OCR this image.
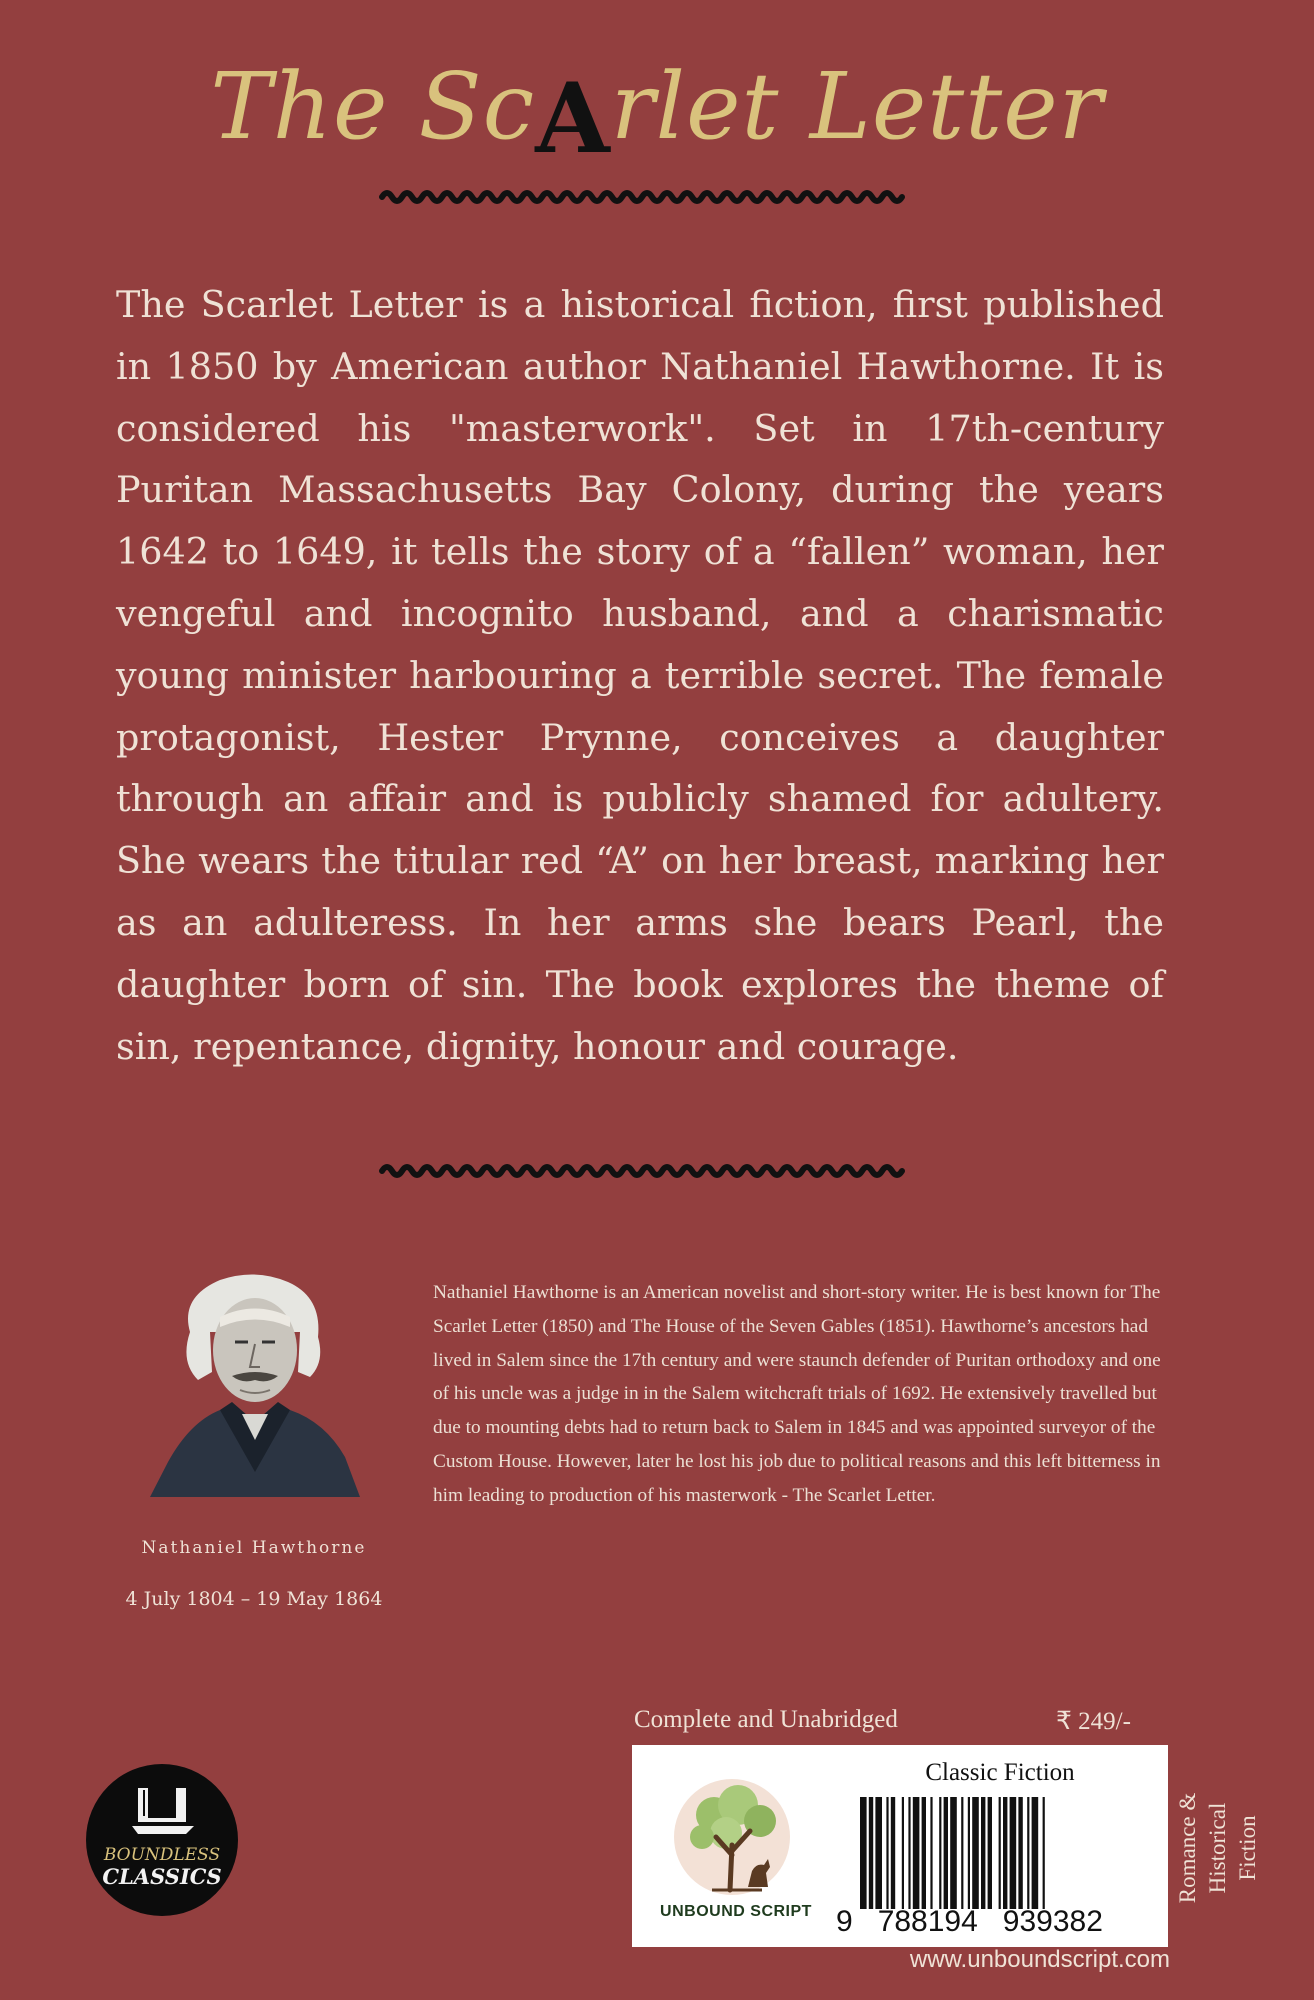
The ScArlet Letter
The Scarlet Letter is a historical fiction, first published in 1850 by American author Nathaniel Hawthorne. It is considered his "masterwork". Set in 17th-century Puritan Massachusetts Bay Colony, during the years 1642 to 1649, it tells the story of a “fallen” woman, her vengeful and incognito husband, and a charismatic young minister harbouring a terrible secret. The female protagonist, Hester Prynne, conceives a daughter through an affair and is publicly shamed for adultery. She wears the titular red “A” on her breast, marking her as an adulteress. In her arms she bears Pearl, the daughter born of sin. The book explores the theme of sin, repentance, dignity, honour and courage.
Nathaniel Hawthorne
4 July 1804 – 19 May 1864
Nathaniel Hawthorne is an American novelist and short-story writer. He is best known for The Scarlet Letter (1850) and The House of the Seven Gables (1851). Hawthorne’s ancestors had lived in Salem since the 17th century and were staunch defender of Puritan orthodoxy and one of his uncle was a judge in in the Salem witchcraft trials of 1692. He extensively travelled but due to mounting debts had to return back to Salem in 1845 and was appointed surveyor of the Custom House. However, later he lost his job due to political reasons and this left bitterness in him leading to production of his masterwork - The Scarlet Letter.
Complete and Unabridged	₹ 249/-
UNBOUND SCRIPT
Classic Fiction
9   788194   939382
Romance & Historical Fiction
www.unboundscript.com
BOUNDLESS
CLASSICS
